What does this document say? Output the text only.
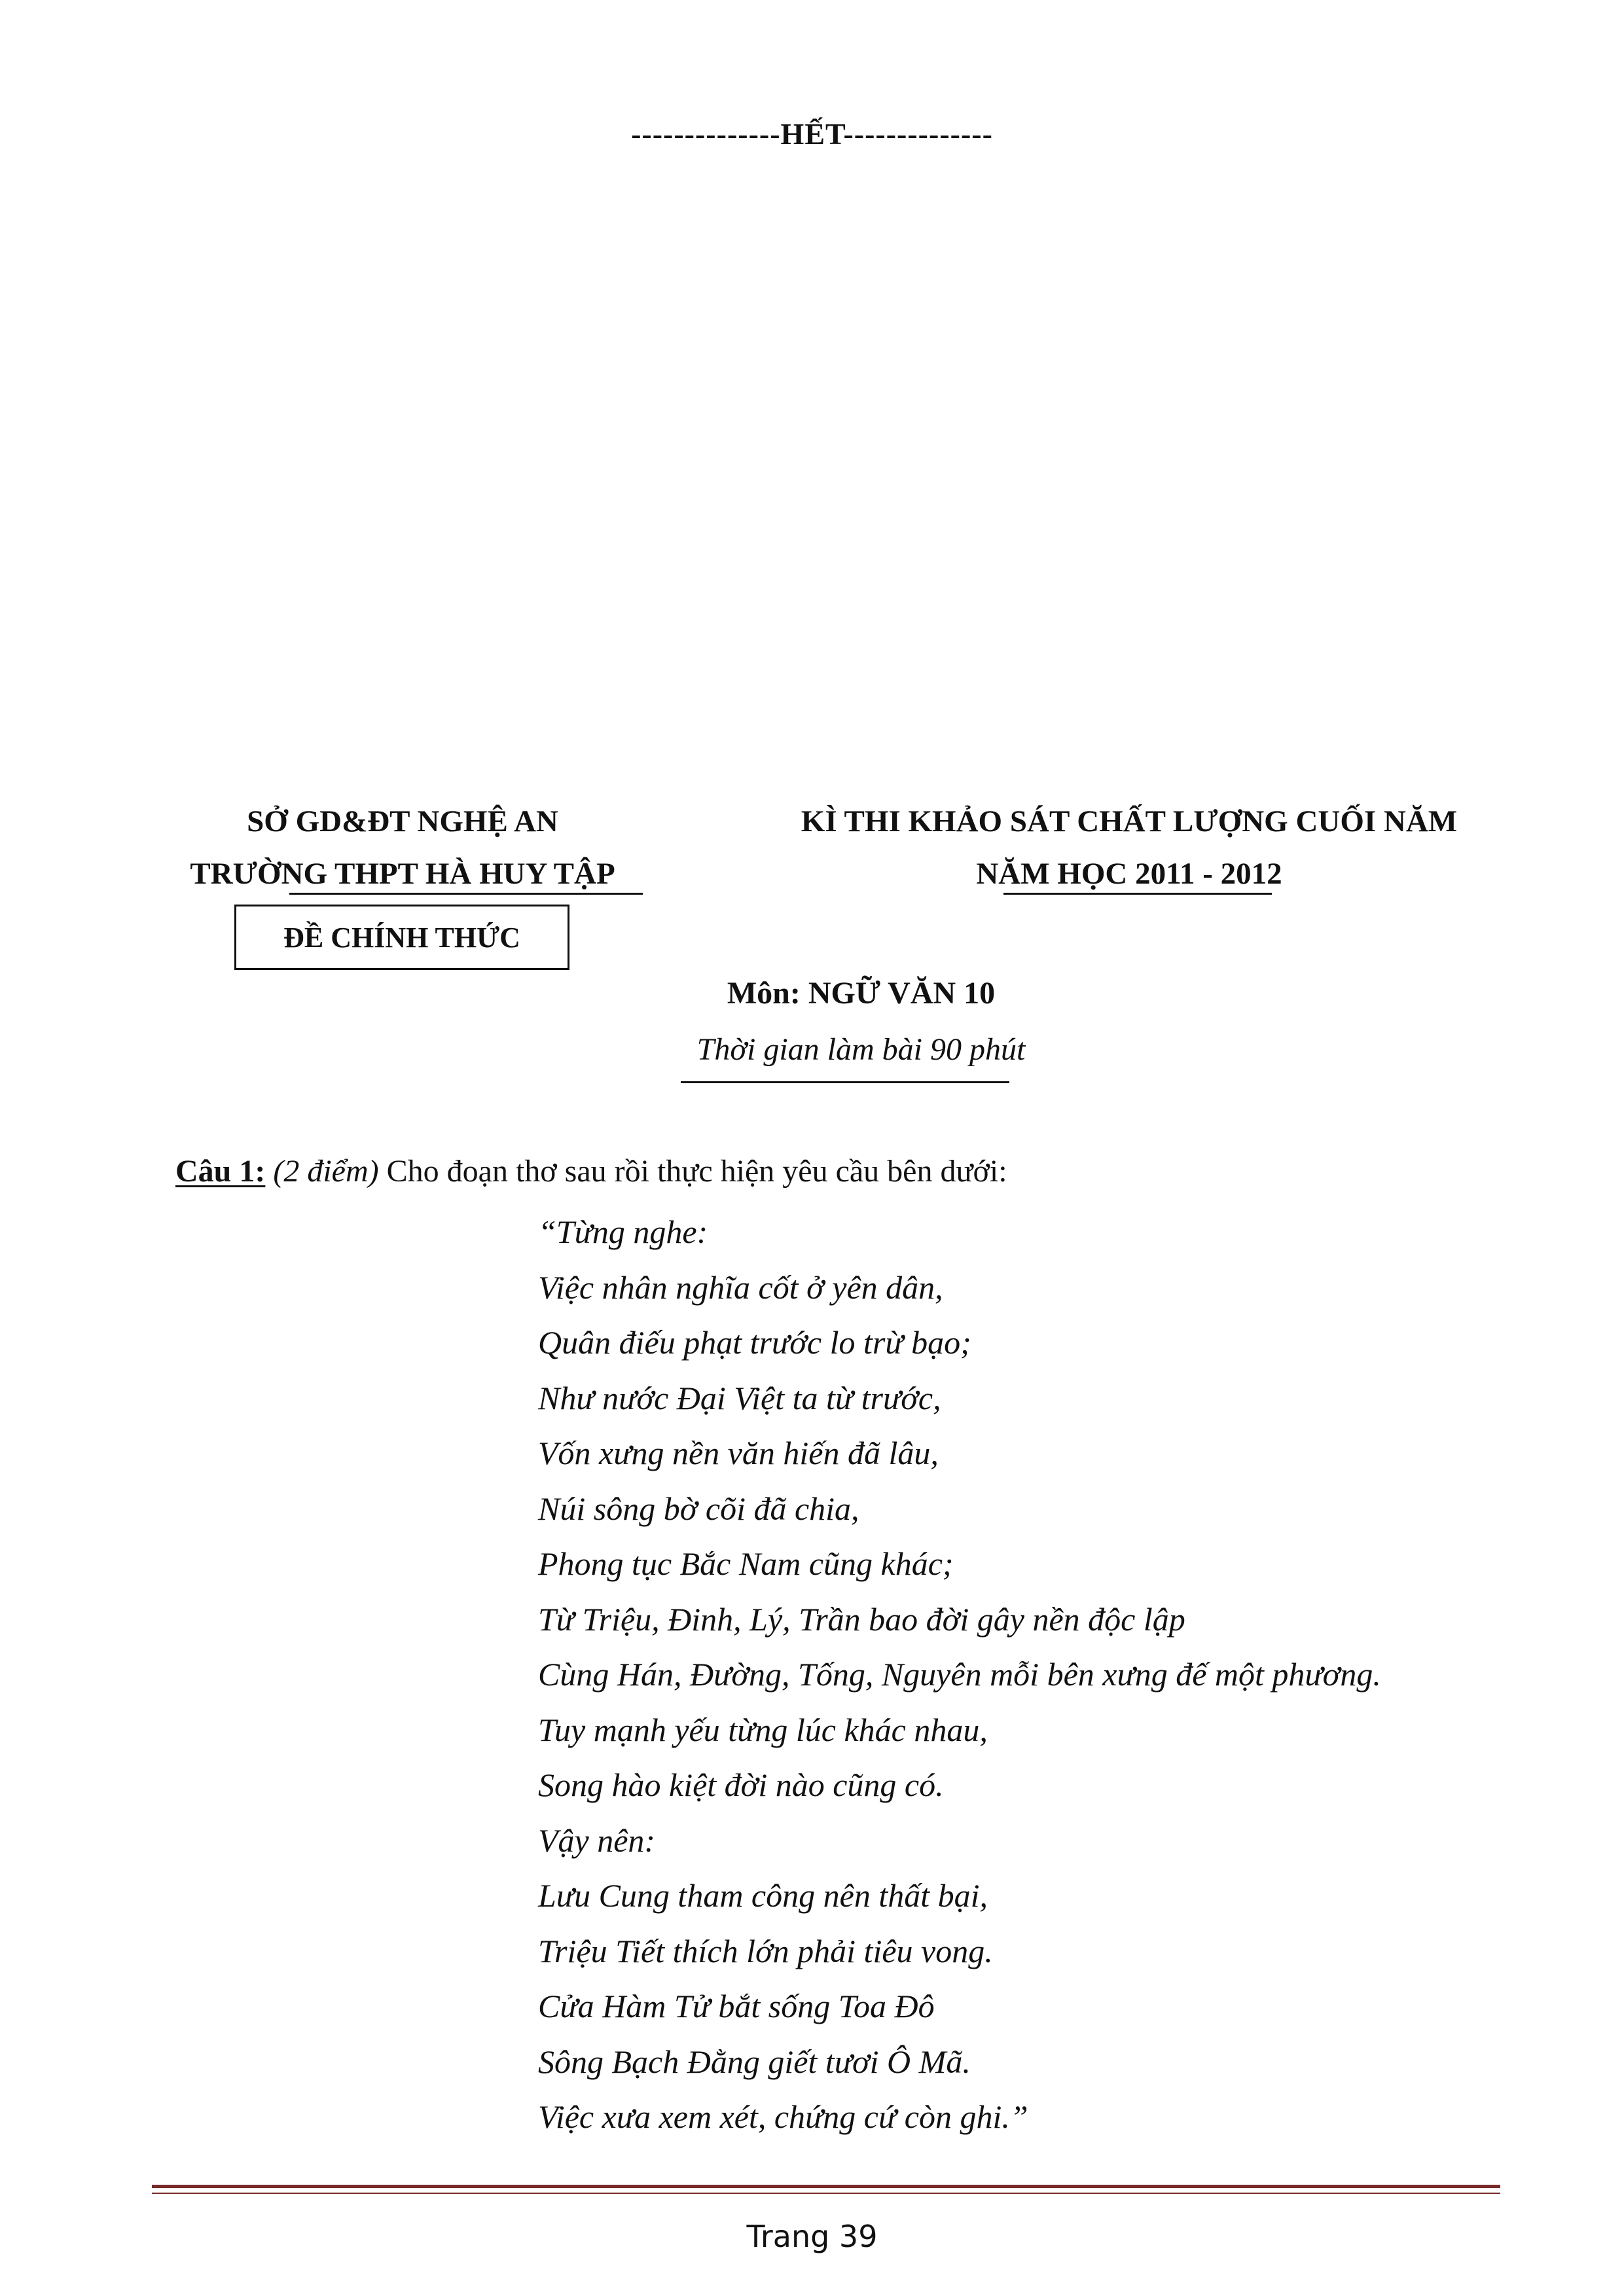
--------------HẾT--------------
SỞ GD&ĐT NGHỆ AN
TRƯỜNG THPT HÀ HUY TẬP
KÌ THI KHẢO SÁT CHẤT LƯỢNG CUỐI NĂM
NĂM HỌC 2011 - 2012
ĐỀ CHÍNH THỨC
Môn: NGỮ VĂN 10
Thời gian làm bài 90 phút
Câu 1: (2 điểm) Cho đoạn thơ sau rồi thực hiện yêu cầu bên dưới:
“Từng nghe:
Việc nhân nghĩa cốt ở yên dân,
Quân điếu phạt trước lo trừ bạo;
Như nước Đại Việt ta từ trước,
Vốn xưng nền văn hiến đã lâu,
Núi sông bờ cõi đã chia,
Phong tục Bắc Nam cũng khác;
Từ Triệu, Đinh, Lý, Trần bao đời gây nền độc lập
Cùng Hán, Đường, Tống, Nguyên mỗi bên xưng đế một phương.
Tuy mạnh yếu từng lúc khác nhau,
Song hào kiệt đời nào cũng có.
Vậy nên:
Lưu Cung tham công nên thất bại,
Triệu Tiết thích lớn phải tiêu vong.
Cửa Hàm Tử bắt sống Toa Đô
Sông Bạch Đằng giết tươi Ô Mã.
Việc xưa xem xét, chứng cứ còn ghi.”
Trang 39
